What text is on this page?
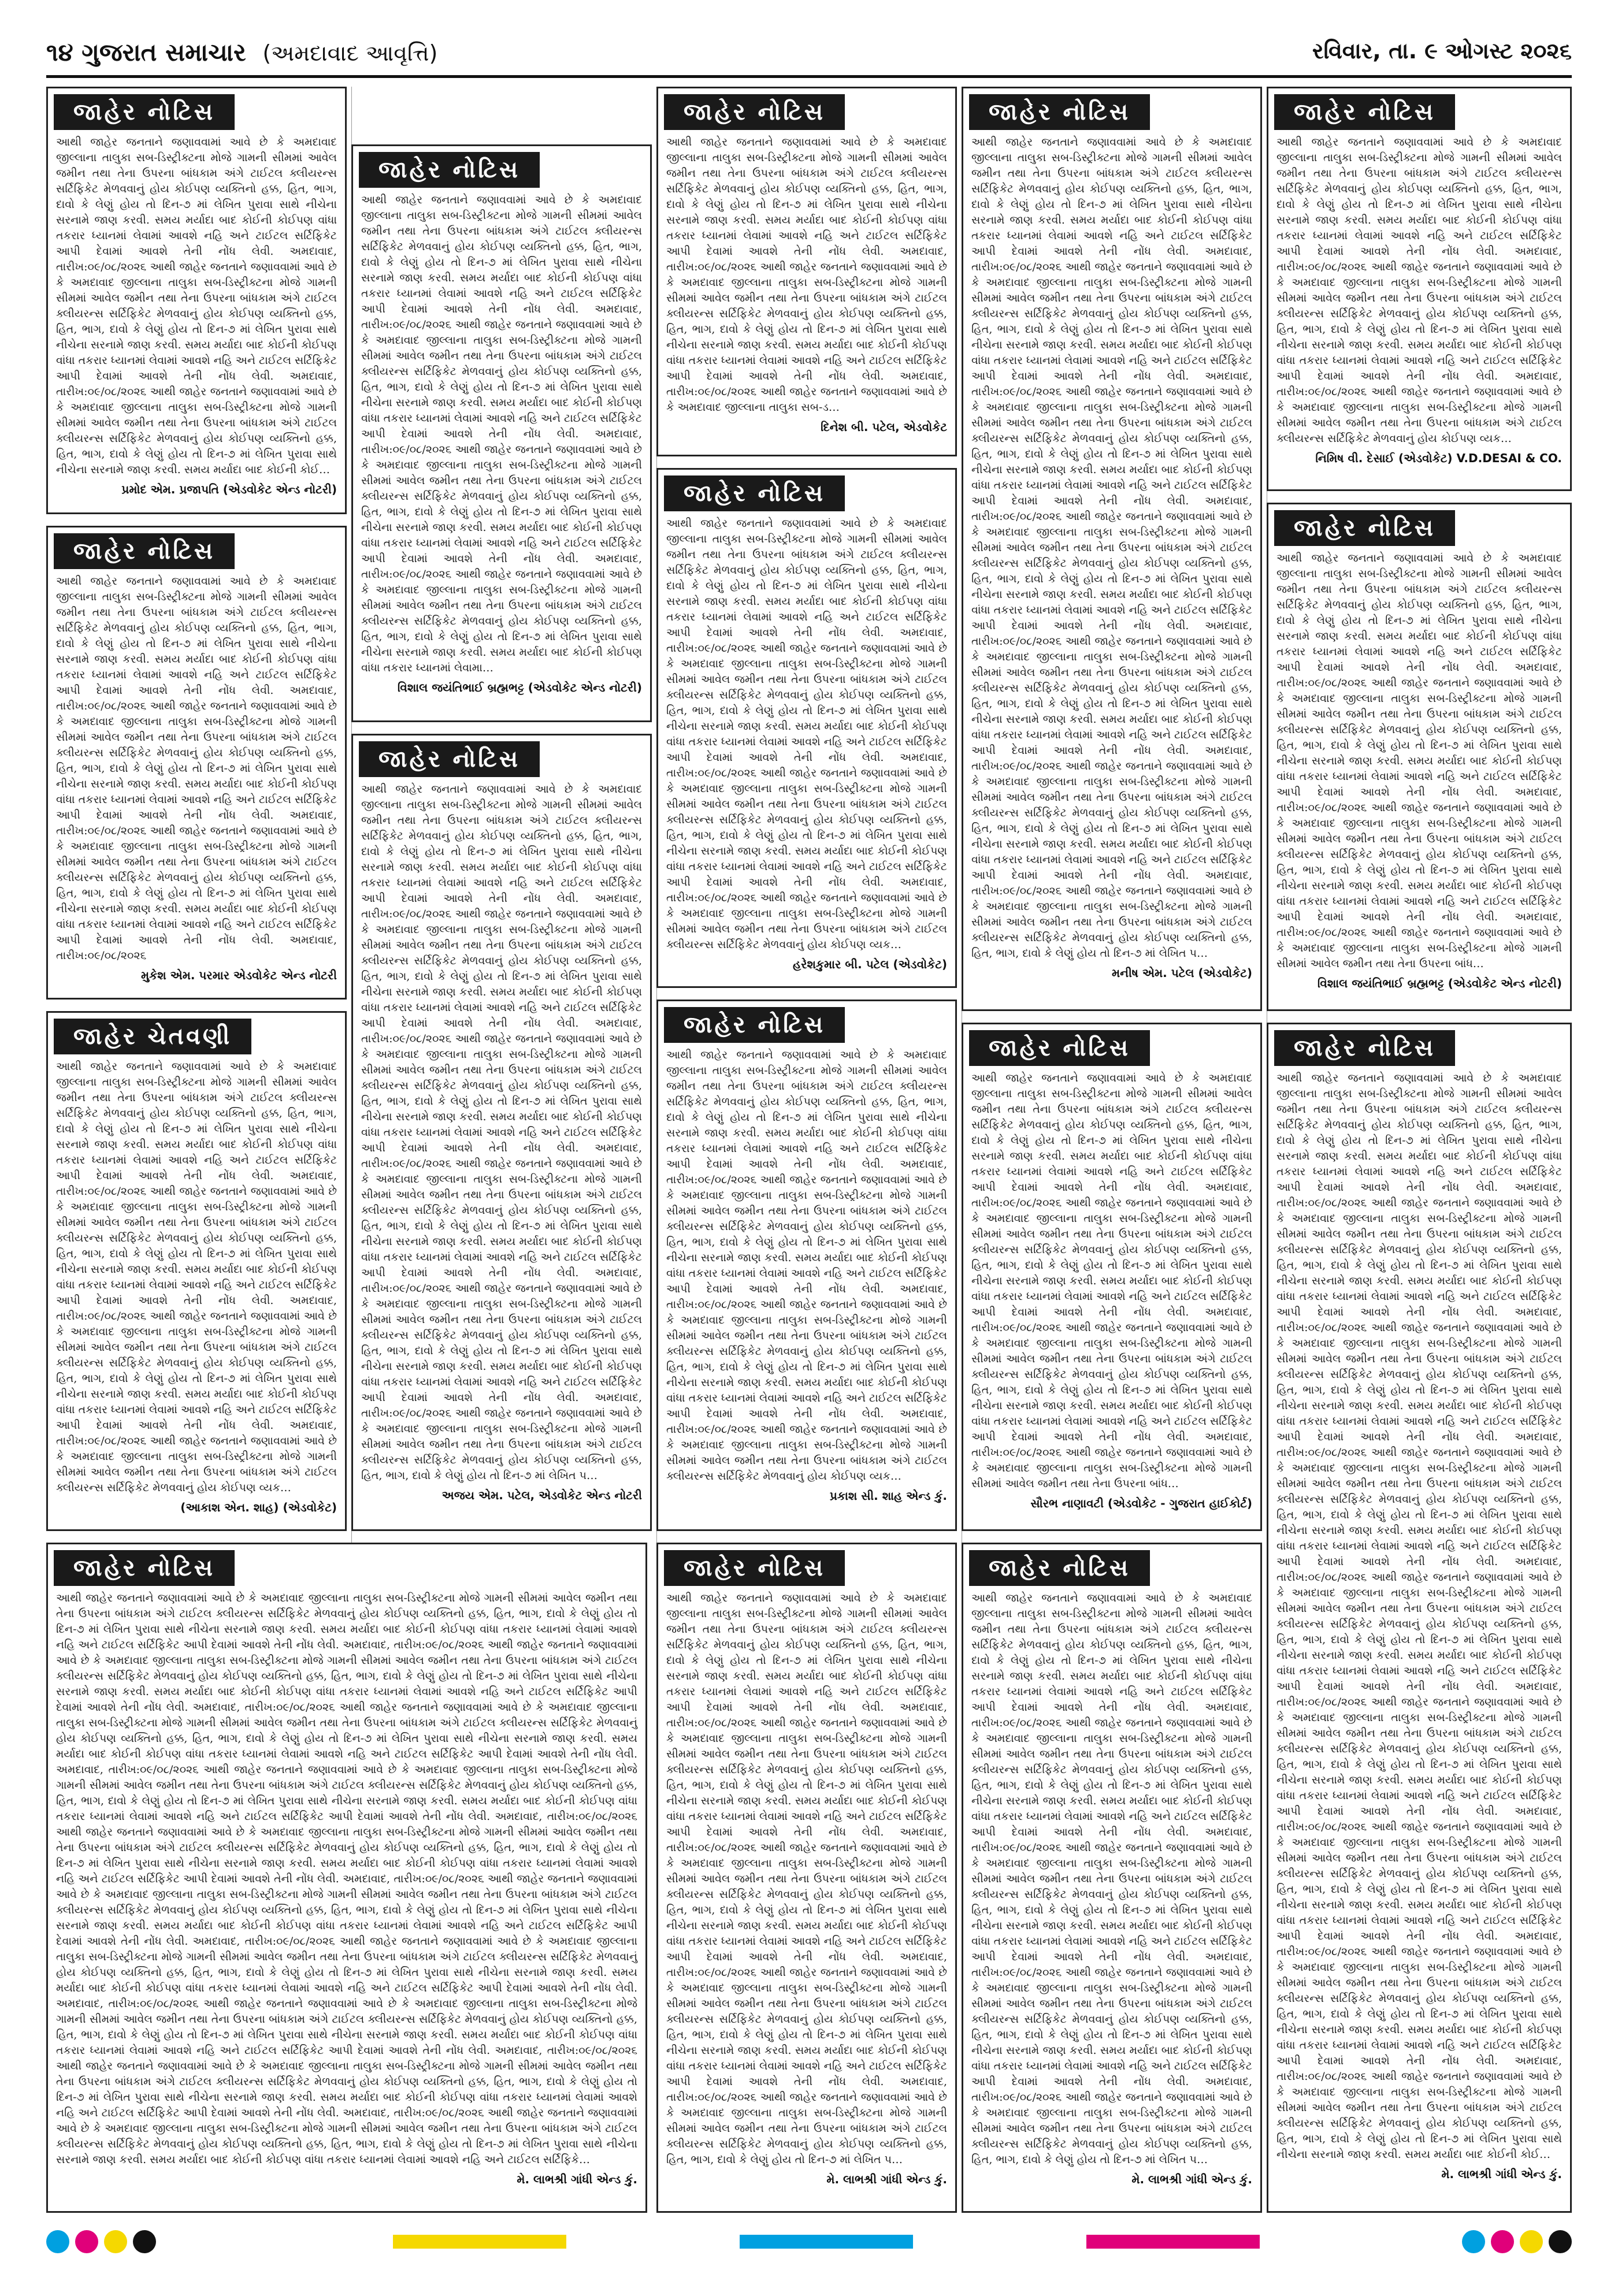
૧૪ ગુજરાત સમાચાર (અમદાવાદ આવૃત્તિ)	રવિવાર, તા. ૯ ઓગસ્ટ ૨૦૨૬
જાહેર નોટિસ
આથી જાહેર જનતાને જણાવવામાં આવે છે કે અમદાવાદ જીલ્લાના તાલુકા સબ-ડિસ્ટ્રીક્ટના મોજે ગામની સીમમાં આવેલ જમીન તથા તેના ઉપરના બાંધકામ અંગે ટાઈટલ ક્લીયરન્સ સર્ટિફિકેટ મેળવવાનું હોય કોઈપણ વ્યક્તિનો હક્ક, હિત, ભાગ, દાવો કે લેણું હોય તો દિન-૭ માં લેખિત પુરાવા સાથે નીચેના સરનામે જાણ કરવી. સમય મર્યાદા બાદ કોઈની કોઈપણ વાંધા તકરાર ધ્યાનમાં લેવામાં આવશે નહિ અને ટાઈટલ સર્ટિફિકેટ આપી દેવામાં આવશે તેની નોંધ લેવી. અમદાવાદ, તારીખ:૦૯/૦૮/૨૦૨૬ આથી જાહેર જનતાને જણાવવામાં આવે છે કે અમદાવાદ જીલ્લાના તાલુકા સબ-ડિસ્ટ્રીક્ટના મોજે ગામની સીમમાં આવેલ જમીન તથા તેના ઉપરના બાંધકામ અંગે ટાઈટલ ક્લીયરન્સ સર્ટિફિકેટ મેળવવાનું હોય કોઈપણ વ્યક્તિનો હક્ક, હિત, ભાગ, દાવો કે લેણું હોય તો દિન-૭ માં લેખિત પુરાવા સાથે નીચેના સરનામે જાણ કરવી. સમય મર્યાદા બાદ કોઈની કોઈપણ વાંધા તકરાર ધ્યાનમાં લેવામાં આવશે નહિ અને ટાઈટલ સર્ટિફિકેટ આપી દેવામાં આવશે તેની નોંધ લેવી. અમદાવાદ, તારીખ:૦૯/૦૮/૨૦૨૬ આથી જાહેર જનતાને જણાવવામાં આવે છે કે અમદાવાદ જીલ્લાના તાલુકા સબ-ડિસ્ટ્રીક્ટના મોજે ગામની સીમમાં આવેલ જમીન તથા તેના ઉપરના બાંધકામ અંગે ટાઈટલ ક્લીયરન્સ સર્ટિફિકેટ મેળવવાનું હોય કોઈપણ વ્યક્તિનો હક્ક, હિત, ભાગ, દાવો કે લેણું હોય તો દિન-૭ માં લેખિત પુરાવા સાથે નીચેના સરનામે જાણ કરવી. સમય મર્યાદા બાદ કોઈની કોઈ…
પ્રમોદ એમ. પ્રજાપતિ (એડવોકેટ એન્ડ નોટરી)
જાહેર નોટિસ
આથી જાહેર જનતાને જણાવવામાં આવે છે કે અમદાવાદ જીલ્લાના તાલુકા સબ-ડિસ્ટ્રીક્ટના મોજે ગામની સીમમાં આવેલ જમીન તથા તેના ઉપરના બાંધકામ અંગે ટાઈટલ ક્લીયરન્સ સર્ટિફિકેટ મેળવવાનું હોય કોઈપણ વ્યક્તિનો હક્ક, હિત, ભાગ, દાવો કે લેણું હોય તો દિન-૭ માં લેખિત પુરાવા સાથે નીચેના સરનામે જાણ કરવી. સમય મર્યાદા બાદ કોઈની કોઈપણ વાંધા તકરાર ધ્યાનમાં લેવામાં આવશે નહિ અને ટાઈટલ સર્ટિફિકેટ આપી દેવામાં આવશે તેની નોંધ લેવી. અમદાવાદ, તારીખ:૦૯/૦૮/૨૦૨૬ આથી જાહેર જનતાને જણાવવામાં આવે છે કે અમદાવાદ જીલ્લાના તાલુકા સબ-ડિસ્ટ્રીક્ટના મોજે ગામની સીમમાં આવેલ જમીન તથા તેના ઉપરના બાંધકામ અંગે ટાઈટલ ક્લીયરન્સ સર્ટિફિકેટ મેળવવાનું હોય કોઈપણ વ્યક્તિનો હક્ક, હિત, ભાગ, દાવો કે લેણું હોય તો દિન-૭ માં લેખિત પુરાવા સાથે નીચેના સરનામે જાણ કરવી. સમય મર્યાદા બાદ કોઈની કોઈપણ વાંધા તકરાર ધ્યાનમાં લેવામાં આવશે નહિ અને ટાઈટલ સર્ટિફિકેટ આપી દેવામાં આવશે તેની નોંધ લેવી. અમદાવાદ, તારીખ:૦૯/૦૮/૨૦૨૬ આથી જાહેર જનતાને જણાવવામાં આવે છે કે અમદાવાદ જીલ્લાના તાલુકા સબ-ડિસ્ટ્રીક્ટના મોજે ગામની સીમમાં આવેલ જમીન તથા તેના ઉપરના બાંધકામ અંગે ટાઈટલ ક્લીયરન્સ સર્ટિફિકેટ મેળવવાનું હોય કોઈપણ વ્યક્તિનો હક્ક, હિત, ભાગ, દાવો કે લેણું હોય તો દિન-૭ માં લેખિત પુરાવા સાથે નીચેના સરનામે જાણ કરવી. સમય મર્યાદા બાદ કોઈની કોઈપણ વાંધા તકરાર ધ્યાનમાં લેવામાં આવશે નહિ અને ટાઈટલ સર્ટિફિકેટ આપી દેવામાં આવશે તેની નોંધ લેવી. અમદાવાદ, તારીખ:૦૯/૦૮/૨૦૨૬
મુકેશ એમ. પરમાર એડવોકેટ એન્ડ નોટરી
જાહેર ચેતવણી
આથી જાહેર જનતાને જણાવવામાં આવે છે કે અમદાવાદ જીલ્લાના તાલુકા સબ-ડિસ્ટ્રીક્ટના મોજે ગામની સીમમાં આવેલ જમીન તથા તેના ઉપરના બાંધકામ અંગે ટાઈટલ ક્લીયરન્સ સર્ટિફિકેટ મેળવવાનું હોય કોઈપણ વ્યક્તિનો હક્ક, હિત, ભાગ, દાવો કે લેણું હોય તો દિન-૭ માં લેખિત પુરાવા સાથે નીચેના સરનામે જાણ કરવી. સમય મર્યાદા બાદ કોઈની કોઈપણ વાંધા તકરાર ધ્યાનમાં લેવામાં આવશે નહિ અને ટાઈટલ સર્ટિફિકેટ આપી દેવામાં આવશે તેની નોંધ લેવી. અમદાવાદ, તારીખ:૦૯/૦૮/૨૦૨૬ આથી જાહેર જનતાને જણાવવામાં આવે છે કે અમદાવાદ જીલ્લાના તાલુકા સબ-ડિસ્ટ્રીક્ટના મોજે ગામની સીમમાં આવેલ જમીન તથા તેના ઉપરના બાંધકામ અંગે ટાઈટલ ક્લીયરન્સ સર્ટિફિકેટ મેળવવાનું હોય કોઈપણ વ્યક્તિનો હક્ક, હિત, ભાગ, દાવો કે લેણું હોય તો દિન-૭ માં લેખિત પુરાવા સાથે નીચેના સરનામે જાણ કરવી. સમય મર્યાદા બાદ કોઈની કોઈપણ વાંધા તકરાર ધ્યાનમાં લેવામાં આવશે નહિ અને ટાઈટલ સર્ટિફિકેટ આપી દેવામાં આવશે તેની નોંધ લેવી. અમદાવાદ, તારીખ:૦૯/૦૮/૨૦૨૬ આથી જાહેર જનતાને જણાવવામાં આવે છે કે અમદાવાદ જીલ્લાના તાલુકા સબ-ડિસ્ટ્રીક્ટના મોજે ગામની સીમમાં આવેલ જમીન તથા તેના ઉપરના બાંધકામ અંગે ટાઈટલ ક્લીયરન્સ સર્ટિફિકેટ મેળવવાનું હોય કોઈપણ વ્યક્તિનો હક્ક, હિત, ભાગ, દાવો કે લેણું હોય તો દિન-૭ માં લેખિત પુરાવા સાથે નીચેના સરનામે જાણ કરવી. સમય મર્યાદા બાદ કોઈની કોઈપણ વાંધા તકરાર ધ્યાનમાં લેવામાં આવશે નહિ અને ટાઈટલ સર્ટિફિકેટ આપી દેવામાં આવશે તેની નોંધ લેવી. અમદાવાદ, તારીખ:૦૯/૦૮/૨૦૨૬ આથી જાહેર જનતાને જણાવવામાં આવે છે કે અમદાવાદ જીલ્લાના તાલુકા સબ-ડિસ્ટ્રીક્ટના મોજે ગામની સીમમાં આવેલ જમીન તથા તેના ઉપરના બાંધકામ અંગે ટાઈટલ ક્લીયરન્સ સર્ટિફિકેટ મેળવવાનું હોય કોઈપણ વ્યક…
(આકાશ એન. શાહ) (એડવોકેટ)
જાહેર નોટિસ
આથી જાહેર જનતાને જણાવવામાં આવે છે કે અમદાવાદ જીલ્લાના તાલુકા સબ-ડિસ્ટ્રીક્ટના મોજે ગામની સીમમાં આવેલ જમીન તથા તેના ઉપરના બાંધકામ અંગે ટાઈટલ ક્લીયરન્સ સર્ટિફિકેટ મેળવવાનું હોય કોઈપણ વ્યક્તિનો હક્ક, હિત, ભાગ, દાવો કે લેણું હોય તો દિન-૭ માં લેખિત પુરાવા સાથે નીચેના સરનામે જાણ કરવી. સમય મર્યાદા બાદ કોઈની કોઈપણ વાંધા તકરાર ધ્યાનમાં લેવામાં આવશે નહિ અને ટાઈટલ સર્ટિફિકેટ આપી દેવામાં આવશે તેની નોંધ લેવી. અમદાવાદ, તારીખ:૦૯/૦૮/૨૦૨૬ આથી જાહેર જનતાને જણાવવામાં આવે છે કે અમદાવાદ જીલ્લાના તાલુકા સબ-ડિસ્ટ્રીક્ટના મોજે ગામની સીમમાં આવેલ જમીન તથા તેના ઉપરના બાંધકામ અંગે ટાઈટલ ક્લીયરન્સ સર્ટિફિકેટ મેળવવાનું હોય કોઈપણ વ્યક્તિનો હક્ક, હિત, ભાગ, દાવો કે લેણું હોય તો દિન-૭ માં લેખિત પુરાવા સાથે નીચેના સરનામે જાણ કરવી. સમય મર્યાદા બાદ કોઈની કોઈપણ વાંધા તકરાર ધ્યાનમાં લેવામાં આવશે નહિ અને ટાઈટલ સર્ટિફિકેટ આપી દેવામાં આવશે તેની નોંધ લેવી. અમદાવાદ, તારીખ:૦૯/૦૮/૨૦૨૬ આથી જાહેર જનતાને જણાવવામાં આવે છે કે અમદાવાદ જીલ્લાના તાલુકા સબ-ડિસ્ટ્રીક્ટના મોજે ગામની સીમમાં આવેલ જમીન તથા તેના ઉપરના બાંધકામ અંગે ટાઈટલ ક્લીયરન્સ સર્ટિફિકેટ મેળવવાનું હોય કોઈપણ વ્યક્તિનો હક્ક, હિત, ભાગ, દાવો કે લેણું હોય તો દિન-૭ માં લેખિત પુરાવા સાથે નીચેના સરનામે જાણ કરવી. સમય મર્યાદા બાદ કોઈની કોઈપણ વાંધા તકરાર ધ્યાનમાં લેવામાં આવશે નહિ અને ટાઈટલ સર્ટિફિકેટ આપી દેવામાં આવશે તેની નોંધ લેવી. અમદાવાદ, તારીખ:૦૯/૦૮/૨૦૨૬ આથી જાહેર જનતાને જણાવવામાં આવે છે કે અમદાવાદ જીલ્લાના તાલુકા સબ-ડિસ્ટ્રીક્ટના મોજે ગામની સીમમાં આવેલ જમીન તથા તેના ઉપરના બાંધકામ અંગે ટાઈટલ ક્લીયરન્સ સર્ટિફિકેટ મેળવવાનું હોય કોઈપણ વ્યક્તિનો હક્ક, હિત, ભાગ, દાવો કે લેણું હોય તો દિન-૭ માં લેખિત પુરાવા સાથે નીચેના સરનામે જાણ કરવી. સમય મર્યાદા બાદ કોઈની કોઈપણ વાંધા તકરાર ધ્યાનમાં લેવામાં આવશે નહિ અને ટાઈટલ સર્ટિફિકેટ આપી દેવામાં આવશે તેની નોંધ લેવી. અમદાવાદ, તારીખ:૦૯/૦૮/૨૦૨૬ આથી જાહેર જનતાને જણાવવામાં આવે છે કે અમદાવાદ જીલ્લાના તાલુકા સબ-ડિસ્ટ્રીક્ટના મોજે ગામની સીમમાં આવેલ જમીન તથા તેના ઉપરના બાંધકામ અંગે ટાઈટલ ક્લીયરન્સ સર્ટિફિકેટ મેળવવાનું હોય કોઈપણ વ્યક્તિનો હક્ક, હિત, ભાગ, દાવો કે લેણું હોય તો દિન-૭ માં લેખિત પુરાવા સાથે નીચેના સરનામે જાણ કરવી. સમય મર્યાદા બાદ કોઈની કોઈપણ વાંધા તકરાર ધ્યાનમાં લેવામાં આવશે નહિ અને ટાઈટલ સર્ટિફિકેટ આપી દેવામાં આવશે તેની નોંધ લેવી. અમદાવાદ, તારીખ:૦૯/૦૮/૨૦૨૬ આથી જાહેર જનતાને જણાવવામાં આવે છે કે અમદાવાદ જીલ્લાના તાલુકા સબ-ડિસ્ટ્રીક્ટના મોજે ગામની સીમમાં આવેલ જમીન તથા તેના ઉપરના બાંધકામ અંગે ટાઈટલ ક્લીયરન્સ સર્ટિફિકેટ મેળવવાનું હોય કોઈપણ વ્યક્તિનો હક્ક, હિત, ભાગ, દાવો કે લેણું હોય તો દિન-૭ માં લેખિત પુરાવા સાથે નીચેના સરનામે જાણ કરવી. સમય મર્યાદા બાદ કોઈની કોઈપણ વાંધા તકરાર ધ્યાનમાં લેવામાં આવશે નહિ અને ટાઈટલ સર્ટિફિકેટ આપી દેવામાં આવશે તેની નોંધ લેવી. અમદાવાદ, તારીખ:૦૯/૦૮/૨૦૨૬ આથી જાહેર જનતાને જણાવવામાં આવે છે કે અમદાવાદ જીલ્લાના તાલુકા સબ-ડિસ્ટ્રીક્ટના મોજે ગામની સીમમાં આવેલ જમીન તથા તેના ઉપરના બાંધકામ અંગે ટાઈટલ ક્લીયરન્સ સર્ટિફિકેટ મેળવવાનું હોય કોઈપણ વ્યક્તિનો હક્ક, હિત, ભાગ, દાવો કે લેણું હોય તો દિન-૭ માં લેખિત પુરાવા સાથે નીચેના સરનામે જાણ કરવી. સમય મર્યાદા બાદ કોઈની કોઈપણ વાંધા તકરાર ધ્યાનમાં લેવામાં આવશે નહિ અને ટાઈટલ સર્ટિફિકેટ આપી દેવામાં આવશે તેની નોંધ લેવી. અમદાવાદ, તારીખ:૦૯/૦૮/૨૦૨૬ આથી જાહેર જનતાને જણાવવામાં આવે છે કે અમદાવાદ જીલ્લાના તાલુકા સબ-ડિસ્ટ્રીક્ટના મોજે ગામની સીમમાં આવેલ જમીન તથા તેના ઉપરના બાંધકામ અંગે ટાઈટલ ક્લીયરન્સ સર્ટિફિકેટ મેળવવાનું હોય કોઈપણ વ્યક્તિનો હક્ક, હિત, ભાગ, દાવો કે લેણું હોય તો દિન-૭ માં લેખિત પુરાવા સાથે નીચેના સરનામે જાણ કરવી. સમય મર્યાદા બાદ કોઈની કોઈપણ વાંધા તકરાર ધ્યાનમાં લેવામાં આવશે નહિ અને ટાઈટલ સર્ટિફિકેટ આપી દેવામાં આવશે તેની નોંધ લેવી. અમદાવાદ, તારીખ:૦૯/૦૮/૨૦૨૬ આથી જાહેર જનતાને જણાવવામાં આવે છે કે અમદાવાદ જીલ્લાના તાલુકા સબ-ડિસ્ટ્રીક્ટના મોજે ગામની સીમમાં આવેલ જમીન તથા તેના ઉપરના બાંધકામ અંગે ટાઈટલ ક્લીયરન્સ સર્ટિફિકેટ મેળવવાનું હોય કોઈપણ વ્યક્તિનો હક્ક, હિત, ભાગ, દાવો કે લેણું હોય તો દિન-૭ માં લેખિત પુરાવા સાથે નીચેના સરનામે જાણ કરવી. સમય મર્યાદા બાદ કોઈની કોઈપણ વાંધા તકરાર ધ્યાનમાં લેવામાં આવશે નહિ અને ટાઈટલ સર્ટિફિકેટ આપી દેવામાં આવશે તેની નોંધ લેવી. અમદાવાદ, તારીખ:૦૯/૦૮/૨૦૨૬ આથી જાહેર જનતાને જણાવવામાં આવે છે કે અમદાવાદ જીલ્લાના તાલુકા સબ-ડિસ્ટ્રીક્ટના મોજે ગામની સીમમાં આવેલ જમીન તથા તેના ઉપરના બાંધકામ અંગે ટાઈટલ ક્લીયરન્સ સર્ટિફિકેટ મેળવવાનું હોય કોઈપણ વ્યક્તિનો હક્ક, હિત, ભાગ, દાવો કે લેણું હોય તો દિન-૭ માં લેખિત પુરાવા સાથે નીચેના સરનામે જાણ કરવી. સમય મર્યાદા બાદ કોઈની કોઈપણ વાંધા તકરાર ધ્યાનમાં લેવામાં આવશે નહિ અને ટાઈટલ સર્ટિફિકે…
મે. લાભશ્રી ગાંધી એન્ડ કું.
જાહેર નોટિસ
આથી જાહેર જનતાને જણાવવામાં આવે છે કે અમદાવાદ જીલ્લાના તાલુકા સબ-ડિસ્ટ્રીક્ટના મોજે ગામની સીમમાં આવેલ જમીન તથા તેના ઉપરના બાંધકામ અંગે ટાઈટલ ક્લીયરન્સ સર્ટિફિકેટ મેળવવાનું હોય કોઈપણ વ્યક્તિનો હક્ક, હિત, ભાગ, દાવો કે લેણું હોય તો દિન-૭ માં લેખિત પુરાવા સાથે નીચેના સરનામે જાણ કરવી. સમય મર્યાદા બાદ કોઈની કોઈપણ વાંધા તકરાર ધ્યાનમાં લેવામાં આવશે નહિ અને ટાઈટલ સર્ટિફિકેટ આપી દેવામાં આવશે તેની નોંધ લેવી. અમદાવાદ, તારીખ:૦૯/૦૮/૨૦૨૬ આથી જાહેર જનતાને જણાવવામાં આવે છે કે અમદાવાદ જીલ્લાના તાલુકા સબ-ડિસ્ટ્રીક્ટના મોજે ગામની સીમમાં આવેલ જમીન તથા તેના ઉપરના બાંધકામ અંગે ટાઈટલ ક્લીયરન્સ સર્ટિફિકેટ મેળવવાનું હોય કોઈપણ વ્યક્તિનો હક્ક, હિત, ભાગ, દાવો કે લેણું હોય તો દિન-૭ માં લેખિત પુરાવા સાથે નીચેના સરનામે જાણ કરવી. સમય મર્યાદા બાદ કોઈની કોઈપણ વાંધા તકરાર ધ્યાનમાં લેવામાં આવશે નહિ અને ટાઈટલ સર્ટિફિકેટ આપી દેવામાં આવશે તેની નોંધ લેવી. અમદાવાદ, તારીખ:૦૯/૦૮/૨૦૨૬ આથી જાહેર જનતાને જણાવવામાં આવે છે કે અમદાવાદ જીલ્લાના તાલુકા સબ-ડિસ્ટ્રીક્ટના મોજે ગામની સીમમાં આવેલ જમીન તથા તેના ઉપરના બાંધકામ અંગે ટાઈટલ ક્લીયરન્સ સર્ટિફિકેટ મેળવવાનું હોય કોઈપણ વ્યક્તિનો હક્ક, હિત, ભાગ, દાવો કે લેણું હોય તો દિન-૭ માં લેખિત પુરાવા સાથે નીચેના સરનામે જાણ કરવી. સમય મર્યાદા બાદ કોઈની કોઈપણ વાંધા તકરાર ધ્યાનમાં લેવામાં આવશે નહિ અને ટાઈટલ સર્ટિફિકેટ આપી દેવામાં આવશે તેની નોંધ લેવી. અમદાવાદ, તારીખ:૦૯/૦૮/૨૦૨૬ આથી જાહેર જનતાને જણાવવામાં આવે છે કે અમદાવાદ જીલ્લાના તાલુકા સબ-ડિસ્ટ્રીક્ટના મોજે ગામની સીમમાં આવેલ જમીન તથા તેના ઉપરના બાંધકામ અંગે ટાઈટલ ક્લીયરન્સ સર્ટિફિકેટ મેળવવાનું હોય કોઈપણ વ્યક્તિનો હક્ક, હિત, ભાગ, દાવો કે લેણું હોય તો દિન-૭ માં લેખિત પુરાવા સાથે નીચેના સરનામે જાણ કરવી. સમય મર્યાદા બાદ કોઈની કોઈપણ વાંધા તકરાર ધ્યાનમાં લેવામા…
વિશાલ જયંતિભાઈ બ્રહ્મભટ્ટ (એડવોકેટ એન્ડ નોટરી)
જાહેર નોટિસ
આથી જાહેર જનતાને જણાવવામાં આવે છે કે અમદાવાદ જીલ્લાના તાલુકા સબ-ડિસ્ટ્રીક્ટના મોજે ગામની સીમમાં આવેલ જમીન તથા તેના ઉપરના બાંધકામ અંગે ટાઈટલ ક્લીયરન્સ સર્ટિફિકેટ મેળવવાનું હોય કોઈપણ વ્યક્તિનો હક્ક, હિત, ભાગ, દાવો કે લેણું હોય તો દિન-૭ માં લેખિત પુરાવા સાથે નીચેના સરનામે જાણ કરવી. સમય મર્યાદા બાદ કોઈની કોઈપણ વાંધા તકરાર ધ્યાનમાં લેવામાં આવશે નહિ અને ટાઈટલ સર્ટિફિકેટ આપી દેવામાં આવશે તેની નોંધ લેવી. અમદાવાદ, તારીખ:૦૯/૦૮/૨૦૨૬ આથી જાહેર જનતાને જણાવવામાં આવે છે કે અમદાવાદ જીલ્લાના તાલુકા સબ-ડિસ્ટ્રીક્ટના મોજે ગામની સીમમાં આવેલ જમીન તથા તેના ઉપરના બાંધકામ અંગે ટાઈટલ ક્લીયરન્સ સર્ટિફિકેટ મેળવવાનું હોય કોઈપણ વ્યક્તિનો હક્ક, હિત, ભાગ, દાવો કે લેણું હોય તો દિન-૭ માં લેખિત પુરાવા સાથે નીચેના સરનામે જાણ કરવી. સમય મર્યાદા બાદ કોઈની કોઈપણ વાંધા તકરાર ધ્યાનમાં લેવામાં આવશે નહિ અને ટાઈટલ સર્ટિફિકેટ આપી દેવામાં આવશે તેની નોંધ લેવી. અમદાવાદ, તારીખ:૦૯/૦૮/૨૦૨૬ આથી જાહેર જનતાને જણાવવામાં આવે છે કે અમદાવાદ જીલ્લાના તાલુકા સબ-ડિસ્ટ્રીક્ટના મોજે ગામની સીમમાં આવેલ જમીન તથા તેના ઉપરના બાંધકામ અંગે ટાઈટલ ક્લીયરન્સ સર્ટિફિકેટ મેળવવાનું હોય કોઈપણ વ્યક્તિનો હક્ક, હિત, ભાગ, દાવો કે લેણું હોય તો દિન-૭ માં લેખિત પુરાવા સાથે નીચેના સરનામે જાણ કરવી. સમય મર્યાદા બાદ કોઈની કોઈપણ વાંધા તકરાર ધ્યાનમાં લેવામાં આવશે નહિ અને ટાઈટલ સર્ટિફિકેટ આપી દેવામાં આવશે તેની નોંધ લેવી. અમદાવાદ, તારીખ:૦૯/૦૮/૨૦૨૬ આથી જાહેર જનતાને જણાવવામાં આવે છે કે અમદાવાદ જીલ્લાના તાલુકા સબ-ડિસ્ટ્રીક્ટના મોજે ગામની સીમમાં આવેલ જમીન તથા તેના ઉપરના બાંધકામ અંગે ટાઈટલ ક્લીયરન્સ સર્ટિફિકેટ મેળવવાનું હોય કોઈપણ વ્યક્તિનો હક્ક, હિત, ભાગ, દાવો કે લેણું હોય તો દિન-૭ માં લેખિત પુરાવા સાથે નીચેના સરનામે જાણ કરવી. સમય મર્યાદા બાદ કોઈની કોઈપણ વાંધા તકરાર ધ્યાનમાં લેવામાં આવશે નહિ અને ટાઈટલ સર્ટિફિકેટ આપી દેવામાં આવશે તેની નોંધ લેવી. અમદાવાદ, તારીખ:૦૯/૦૮/૨૦૨૬ આથી જાહેર જનતાને જણાવવામાં આવે છે કે અમદાવાદ જીલ્લાના તાલુકા સબ-ડિસ્ટ્રીક્ટના મોજે ગામની સીમમાં આવેલ જમીન તથા તેના ઉપરના બાંધકામ અંગે ટાઈટલ ક્લીયરન્સ સર્ટિફિકેટ મેળવવાનું હોય કોઈપણ વ્યક્તિનો હક્ક, હિત, ભાગ, દાવો કે લેણું હોય તો દિન-૭ માં લેખિત પુરાવા સાથે નીચેના સરનામે જાણ કરવી. સમય મર્યાદા બાદ કોઈની કોઈપણ વાંધા તકરાર ધ્યાનમાં લેવામાં આવશે નહિ અને ટાઈટલ સર્ટિફિકેટ આપી દેવામાં આવશે તેની નોંધ લેવી. અમદાવાદ, તારીખ:૦૯/૦૮/૨૦૨૬ આથી જાહેર જનતાને જણાવવામાં આવે છે કે અમદાવાદ જીલ્લાના તાલુકા સબ-ડિસ્ટ્રીક્ટના મોજે ગામની સીમમાં આવેલ જમીન તથા તેના ઉપરના બાંધકામ અંગે ટાઈટલ ક્લીયરન્સ સર્ટિફિકેટ મેળવવાનું હોય કોઈપણ વ્યક્તિનો હક્ક, હિત, ભાગ, દાવો કે લેણું હોય તો દિન-૭ માં લેખિત પ…
અજય એમ. પટેલ, એડવોકેટ એન્ડ નોટરી
જાહેર નોટિસ
આથી જાહેર જનતાને જણાવવામાં આવે છે કે અમદાવાદ જીલ્લાના તાલુકા સબ-ડિસ્ટ્રીક્ટના મોજે ગામની સીમમાં આવેલ જમીન તથા તેના ઉપરના બાંધકામ અંગે ટાઈટલ ક્લીયરન્સ સર્ટિફિકેટ મેળવવાનું હોય કોઈપણ વ્યક્તિનો હક્ક, હિત, ભાગ, દાવો કે લેણું હોય તો દિન-૭ માં લેખિત પુરાવા સાથે નીચેના સરનામે જાણ કરવી. સમય મર્યાદા બાદ કોઈની કોઈપણ વાંધા તકરાર ધ્યાનમાં લેવામાં આવશે નહિ અને ટાઈટલ સર્ટિફિકેટ આપી દેવામાં આવશે તેની નોંધ લેવી. અમદાવાદ, તારીખ:૦૯/૦૮/૨૦૨૬ આથી જાહેર જનતાને જણાવવામાં આવે છે કે અમદાવાદ જીલ્લાના તાલુકા સબ-ડિસ્ટ્રીક્ટના મોજે ગામની સીમમાં આવેલ જમીન તથા તેના ઉપરના બાંધકામ અંગે ટાઈટલ ક્લીયરન્સ સર્ટિફિકેટ મેળવવાનું હોય કોઈપણ વ્યક્તિનો હક્ક, હિત, ભાગ, દાવો કે લેણું હોય તો દિન-૭ માં લેખિત પુરાવા સાથે નીચેના સરનામે જાણ કરવી. સમય મર્યાદા બાદ કોઈની કોઈપણ વાંધા તકરાર ધ્યાનમાં લેવામાં આવશે નહિ અને ટાઈટલ સર્ટિફિકેટ આપી દેવામાં આવશે તેની નોંધ લેવી. અમદાવાદ, તારીખ:૦૯/૦૮/૨૦૨૬ આથી જાહેર જનતાને જણાવવામાં આવે છે કે અમદાવાદ જીલ્લાના તાલુકા સબ-ડ…
દિનેશ બી. પટેલ, એડવોકેટ
જાહેર નોટિસ
આથી જાહેર જનતાને જણાવવામાં આવે છે કે અમદાવાદ જીલ્લાના તાલુકા સબ-ડિસ્ટ્રીક્ટના મોજે ગામની સીમમાં આવેલ જમીન તથા તેના ઉપરના બાંધકામ અંગે ટાઈટલ ક્લીયરન્સ સર્ટિફિકેટ મેળવવાનું હોય કોઈપણ વ્યક્તિનો હક્ક, હિત, ભાગ, દાવો કે લેણું હોય તો દિન-૭ માં લેખિત પુરાવા સાથે નીચેના સરનામે જાણ કરવી. સમય મર્યાદા બાદ કોઈની કોઈપણ વાંધા તકરાર ધ્યાનમાં લેવામાં આવશે નહિ અને ટાઈટલ સર્ટિફિકેટ આપી દેવામાં આવશે તેની નોંધ લેવી. અમદાવાદ, તારીખ:૦૯/૦૮/૨૦૨૬ આથી જાહેર જનતાને જણાવવામાં આવે છે કે અમદાવાદ જીલ્લાના તાલુકા સબ-ડિસ્ટ્રીક્ટના મોજે ગામની સીમમાં આવેલ જમીન તથા તેના ઉપરના બાંધકામ અંગે ટાઈટલ ક્લીયરન્સ સર્ટિફિકેટ મેળવવાનું હોય કોઈપણ વ્યક્તિનો હક્ક, હિત, ભાગ, દાવો કે લેણું હોય તો દિન-૭ માં લેખિત પુરાવા સાથે નીચેના સરનામે જાણ કરવી. સમય મર્યાદા બાદ કોઈની કોઈપણ વાંધા તકરાર ધ્યાનમાં લેવામાં આવશે નહિ અને ટાઈટલ સર્ટિફિકેટ આપી દેવામાં આવશે તેની નોંધ લેવી. અમદાવાદ, તારીખ:૦૯/૦૮/૨૦૨૬ આથી જાહેર જનતાને જણાવવામાં આવે છે કે અમદાવાદ જીલ્લાના તાલુકા સબ-ડિસ્ટ્રીક્ટના મોજે ગામની સીમમાં આવેલ જમીન તથા તેના ઉપરના બાંધકામ અંગે ટાઈટલ ક્લીયરન્સ સર્ટિફિકેટ મેળવવાનું હોય કોઈપણ વ્યક્તિનો હક્ક, હિત, ભાગ, દાવો કે લેણું હોય તો દિન-૭ માં લેખિત પુરાવા સાથે નીચેના સરનામે જાણ કરવી. સમય મર્યાદા બાદ કોઈની કોઈપણ વાંધા તકરાર ધ્યાનમાં લેવામાં આવશે નહિ અને ટાઈટલ સર્ટિફિકેટ આપી દેવામાં આવશે તેની નોંધ લેવી. અમદાવાદ, તારીખ:૦૯/૦૮/૨૦૨૬ આથી જાહેર જનતાને જણાવવામાં આવે છે કે અમદાવાદ જીલ્લાના તાલુકા સબ-ડિસ્ટ્રીક્ટના મોજે ગામની સીમમાં આવેલ જમીન તથા તેના ઉપરના બાંધકામ અંગે ટાઈટલ ક્લીયરન્સ સર્ટિફિકેટ મેળવવાનું હોય કોઈપણ વ્યક…
હરેશકુમાર બી. પટેલ (એડવોકેટ)
જાહેર નોટિસ
આથી જાહેર જનતાને જણાવવામાં આવે છે કે અમદાવાદ જીલ્લાના તાલુકા સબ-ડિસ્ટ્રીક્ટના મોજે ગામની સીમમાં આવેલ જમીન તથા તેના ઉપરના બાંધકામ અંગે ટાઈટલ ક્લીયરન્સ સર્ટિફિકેટ મેળવવાનું હોય કોઈપણ વ્યક્તિનો હક્ક, હિત, ભાગ, દાવો કે લેણું હોય તો દિન-૭ માં લેખિત પુરાવા સાથે નીચેના સરનામે જાણ કરવી. સમય મર્યાદા બાદ કોઈની કોઈપણ વાંધા તકરાર ધ્યાનમાં લેવામાં આવશે નહિ અને ટાઈટલ સર્ટિફિકેટ આપી દેવામાં આવશે તેની નોંધ લેવી. અમદાવાદ, તારીખ:૦૯/૦૮/૨૦૨૬ આથી જાહેર જનતાને જણાવવામાં આવે છે કે અમદાવાદ જીલ્લાના તાલુકા સબ-ડિસ્ટ્રીક્ટના મોજે ગામની સીમમાં આવેલ જમીન તથા તેના ઉપરના બાંધકામ અંગે ટાઈટલ ક્લીયરન્સ સર્ટિફિકેટ મેળવવાનું હોય કોઈપણ વ્યક્તિનો હક્ક, હિત, ભાગ, દાવો કે લેણું હોય તો દિન-૭ માં લેખિત પુરાવા સાથે નીચેના સરનામે જાણ કરવી. સમય મર્યાદા બાદ કોઈની કોઈપણ વાંધા તકરાર ધ્યાનમાં લેવામાં આવશે નહિ અને ટાઈટલ સર્ટિફિકેટ આપી દેવામાં આવશે તેની નોંધ લેવી. અમદાવાદ, તારીખ:૦૯/૦૮/૨૦૨૬ આથી જાહેર જનતાને જણાવવામાં આવે છે કે અમદાવાદ જીલ્લાના તાલુકા સબ-ડિસ્ટ્રીક્ટના મોજે ગામની સીમમાં આવેલ જમીન તથા તેના ઉપરના બાંધકામ અંગે ટાઈટલ ક્લીયરન્સ સર્ટિફિકેટ મેળવવાનું હોય કોઈપણ વ્યક્તિનો હક્ક, હિત, ભાગ, દાવો કે લેણું હોય તો દિન-૭ માં લેખિત પુરાવા સાથે નીચેના સરનામે જાણ કરવી. સમય મર્યાદા બાદ કોઈની કોઈપણ વાંધા તકરાર ધ્યાનમાં લેવામાં આવશે નહિ અને ટાઈટલ સર્ટિફિકેટ આપી દેવામાં આવશે તેની નોંધ લેવી. અમદાવાદ, તારીખ:૦૯/૦૮/૨૦૨૬ આથી જાહેર જનતાને જણાવવામાં આવે છે કે અમદાવાદ જીલ્લાના તાલુકા સબ-ડિસ્ટ્રીક્ટના મોજે ગામની સીમમાં આવેલ જમીન તથા તેના ઉપરના બાંધકામ અંગે ટાઈટલ ક્લીયરન્સ સર્ટિફિકેટ મેળવવાનું હોય કોઈપણ વ્યક…
પ્રકાશ સી. શાહ એન્ડ કું.
જાહેર નોટિસ
આથી જાહેર જનતાને જણાવવામાં આવે છે કે અમદાવાદ જીલ્લાના તાલુકા સબ-ડિસ્ટ્રીક્ટના મોજે ગામની સીમમાં આવેલ જમીન તથા તેના ઉપરના બાંધકામ અંગે ટાઈટલ ક્લીયરન્સ સર્ટિફિકેટ મેળવવાનું હોય કોઈપણ વ્યક્તિનો હક્ક, હિત, ભાગ, દાવો કે લેણું હોય તો દિન-૭ માં લેખિત પુરાવા સાથે નીચેના સરનામે જાણ કરવી. સમય મર્યાદા બાદ કોઈની કોઈપણ વાંધા તકરાર ધ્યાનમાં લેવામાં આવશે નહિ અને ટાઈટલ સર્ટિફિકેટ આપી દેવામાં આવશે તેની નોંધ લેવી. અમદાવાદ, તારીખ:૦૯/૦૮/૨૦૨૬ આથી જાહેર જનતાને જણાવવામાં આવે છે કે અમદાવાદ જીલ્લાના તાલુકા સબ-ડિસ્ટ્રીક્ટના મોજે ગામની સીમમાં આવેલ જમીન તથા તેના ઉપરના બાંધકામ અંગે ટાઈટલ ક્લીયરન્સ સર્ટિફિકેટ મેળવવાનું હોય કોઈપણ વ્યક્તિનો હક્ક, હિત, ભાગ, દાવો કે લેણું હોય તો દિન-૭ માં લેખિત પુરાવા સાથે નીચેના સરનામે જાણ કરવી. સમય મર્યાદા બાદ કોઈની કોઈપણ વાંધા તકરાર ધ્યાનમાં લેવામાં આવશે નહિ અને ટાઈટલ સર્ટિફિકેટ આપી દેવામાં આવશે તેની નોંધ લેવી. અમદાવાદ, તારીખ:૦૯/૦૮/૨૦૨૬ આથી જાહેર જનતાને જણાવવામાં આવે છે કે અમદાવાદ જીલ્લાના તાલુકા સબ-ડિસ્ટ્રીક્ટના મોજે ગામની સીમમાં આવેલ જમીન તથા તેના ઉપરના બાંધકામ અંગે ટાઈટલ ક્લીયરન્સ સર્ટિફિકેટ મેળવવાનું હોય કોઈપણ વ્યક્તિનો હક્ક, હિત, ભાગ, દાવો કે લેણું હોય તો દિન-૭ માં લેખિત પુરાવા સાથે નીચેના સરનામે જાણ કરવી. સમય મર્યાદા બાદ કોઈની કોઈપણ વાંધા તકરાર ધ્યાનમાં લેવામાં આવશે નહિ અને ટાઈટલ સર્ટિફિકેટ આપી દેવામાં આવશે તેની નોંધ લેવી. અમદાવાદ, તારીખ:૦૯/૦૮/૨૦૨૬ આથી જાહેર જનતાને જણાવવામાં આવે છે કે અમદાવાદ જીલ્લાના તાલુકા સબ-ડિસ્ટ્રીક્ટના મોજે ગામની સીમમાં આવેલ જમીન તથા તેના ઉપરના બાંધકામ અંગે ટાઈટલ ક્લીયરન્સ સર્ટિફિકેટ મેળવવાનું હોય કોઈપણ વ્યક્તિનો હક્ક, હિત, ભાગ, દાવો કે લેણું હોય તો દિન-૭ માં લેખિત પુરાવા સાથે નીચેના સરનામે જાણ કરવી. સમય મર્યાદા બાદ કોઈની કોઈપણ વાંધા તકરાર ધ્યાનમાં લેવામાં આવશે નહિ અને ટાઈટલ સર્ટિફિકેટ આપી દેવામાં આવશે તેની નોંધ લેવી. અમદાવાદ, તારીખ:૦૯/૦૮/૨૦૨૬ આથી જાહેર જનતાને જણાવવામાં આવે છે કે અમદાવાદ જીલ્લાના તાલુકા સબ-ડિસ્ટ્રીક્ટના મોજે ગામની સીમમાં આવેલ જમીન તથા તેના ઉપરના બાંધકામ અંગે ટાઈટલ ક્લીયરન્સ સર્ટિફિકેટ મેળવવાનું હોય કોઈપણ વ્યક્તિનો હક્ક, હિત, ભાગ, દાવો કે લેણું હોય તો દિન-૭ માં લેખિત પ…
મે. લાભશ્રી ગાંધી એન્ડ કું.
જાહેર નોટિસ
આથી જાહેર જનતાને જણાવવામાં આવે છે કે અમદાવાદ જીલ્લાના તાલુકા સબ-ડિસ્ટ્રીક્ટના મોજે ગામની સીમમાં આવેલ જમીન તથા તેના ઉપરના બાંધકામ અંગે ટાઈટલ ક્લીયરન્સ સર્ટિફિકેટ મેળવવાનું હોય કોઈપણ વ્યક્તિનો હક્ક, હિત, ભાગ, દાવો કે લેણું હોય તો દિન-૭ માં લેખિત પુરાવા સાથે નીચેના સરનામે જાણ કરવી. સમય મર્યાદા બાદ કોઈની કોઈપણ વાંધા તકરાર ધ્યાનમાં લેવામાં આવશે નહિ અને ટાઈટલ સર્ટિફિકેટ આપી દેવામાં આવશે તેની નોંધ લેવી. અમદાવાદ, તારીખ:૦૯/૦૮/૨૦૨૬ આથી જાહેર જનતાને જણાવવામાં આવે છે કે અમદાવાદ જીલ્લાના તાલુકા સબ-ડિસ્ટ્રીક્ટના મોજે ગામની સીમમાં આવેલ જમીન તથા તેના ઉપરના બાંધકામ અંગે ટાઈટલ ક્લીયરન્સ સર્ટિફિકેટ મેળવવાનું હોય કોઈપણ વ્યક્તિનો હક્ક, હિત, ભાગ, દાવો કે લેણું હોય તો દિન-૭ માં લેખિત પુરાવા સાથે નીચેના સરનામે જાણ કરવી. સમય મર્યાદા બાદ કોઈની કોઈપણ વાંધા તકરાર ધ્યાનમાં લેવામાં આવશે નહિ અને ટાઈટલ સર્ટિફિકેટ આપી દેવામાં આવશે તેની નોંધ લેવી. અમદાવાદ, તારીખ:૦૯/૦૮/૨૦૨૬ આથી જાહેર જનતાને જણાવવામાં આવે છે કે અમદાવાદ જીલ્લાના તાલુકા સબ-ડિસ્ટ્રીક્ટના મોજે ગામની સીમમાં આવેલ જમીન તથા તેના ઉપરના બાંધકામ અંગે ટાઈટલ ક્લીયરન્સ સર્ટિફિકેટ મેળવવાનું હોય કોઈપણ વ્યક્તિનો હક્ક, હિત, ભાગ, દાવો કે લેણું હોય તો દિન-૭ માં લેખિત પુરાવા સાથે નીચેના સરનામે જાણ કરવી. સમય મર્યાદા બાદ કોઈની કોઈપણ વાંધા તકરાર ધ્યાનમાં લેવામાં આવશે નહિ અને ટાઈટલ સર્ટિફિકેટ આપી દેવામાં આવશે તેની નોંધ લેવી. અમદાવાદ, તારીખ:૦૯/૦૮/૨૦૨૬ આથી જાહેર જનતાને જણાવવામાં આવે છે કે અમદાવાદ જીલ્લાના તાલુકા સબ-ડિસ્ટ્રીક્ટના મોજે ગામની સીમમાં આવેલ જમીન તથા તેના ઉપરના બાંધકામ અંગે ટાઈટલ ક્લીયરન્સ સર્ટિફિકેટ મેળવવાનું હોય કોઈપણ વ્યક્તિનો હક્ક, હિત, ભાગ, દાવો કે લેણું હોય તો દિન-૭ માં લેખિત પુરાવા સાથે નીચેના સરનામે જાણ કરવી. સમય મર્યાદા બાદ કોઈની કોઈપણ વાંધા તકરાર ધ્યાનમાં લેવામાં આવશે નહિ અને ટાઈટલ સર્ટિફિકેટ આપી દેવામાં આવશે તેની નોંધ લેવી. અમદાવાદ, તારીખ:૦૯/૦૮/૨૦૨૬ આથી જાહેર જનતાને જણાવવામાં આવે છે કે અમદાવાદ જીલ્લાના તાલુકા સબ-ડિસ્ટ્રીક્ટના મોજે ગામની સીમમાં આવેલ જમીન તથા તેના ઉપરના બાંધકામ અંગે ટાઈટલ ક્લીયરન્સ સર્ટિફિકેટ મેળવવાનું હોય કોઈપણ વ્યક્તિનો હક્ક, હિત, ભાગ, દાવો કે લેણું હોય તો દિન-૭ માં લેખિત પુરાવા સાથે નીચેના સરનામે જાણ કરવી. સમય મર્યાદા બાદ કોઈની કોઈપણ વાંધા તકરાર ધ્યાનમાં લેવામાં આવશે નહિ અને ટાઈટલ સર્ટિફિકેટ આપી દેવામાં આવશે તેની નોંધ લેવી. અમદાવાદ, તારીખ:૦૯/૦૮/૨૦૨૬ આથી જાહેર જનતાને જણાવવામાં આવે છે કે અમદાવાદ જીલ્લાના તાલુકા સબ-ડિસ્ટ્રીક્ટના મોજે ગામની સીમમાં આવેલ જમીન તથા તેના ઉપરના બાંધકામ અંગે ટાઈટલ ક્લીયરન્સ સર્ટિફિકેટ મેળવવાનું હોય કોઈપણ વ્યક્તિનો હક્ક, હિત, ભાગ, દાવો કે લેણું હોય તો દિન-૭ માં લેખિત પુરાવા સાથે નીચેના સરનામે જાણ કરવી. સમય મર્યાદા બાદ કોઈની કોઈપણ વાંધા તકરાર ધ્યાનમાં લેવામાં આવશે નહિ અને ટાઈટલ સર્ટિફિકેટ આપી દેવામાં આવશે તેની નોંધ લેવી. અમદાવાદ, તારીખ:૦૯/૦૮/૨૦૨૬ આથી જાહેર જનતાને જણાવવામાં આવે છે કે અમદાવાદ જીલ્લાના તાલુકા સબ-ડિસ્ટ્રીક્ટના મોજે ગામની સીમમાં આવેલ જમીન તથા તેના ઉપરના બાંધકામ અંગે ટાઈટલ ક્લીયરન્સ સર્ટિફિકેટ મેળવવાનું હોય કોઈપણ વ્યક્તિનો હક્ક, હિત, ભાગ, દાવો કે લેણું હોય તો દિન-૭ માં લેખિત પ…
મનીષ એમ. પટેલ (એડવોકેટ)
જાહેર નોટિસ
આથી જાહેર જનતાને જણાવવામાં આવે છે કે અમદાવાદ જીલ્લાના તાલુકા સબ-ડિસ્ટ્રીક્ટના મોજે ગામની સીમમાં આવેલ જમીન તથા તેના ઉપરના બાંધકામ અંગે ટાઈટલ ક્લીયરન્સ સર્ટિફિકેટ મેળવવાનું હોય કોઈપણ વ્યક્તિનો હક્ક, હિત, ભાગ, દાવો કે લેણું હોય તો દિન-૭ માં લેખિત પુરાવા સાથે નીચેના સરનામે જાણ કરવી. સમય મર્યાદા બાદ કોઈની કોઈપણ વાંધા તકરાર ધ્યાનમાં લેવામાં આવશે નહિ અને ટાઈટલ સર્ટિફિકેટ આપી દેવામાં આવશે તેની નોંધ લેવી. અમદાવાદ, તારીખ:૦૯/૦૮/૨૦૨૬ આથી જાહેર જનતાને જણાવવામાં આવે છે કે અમદાવાદ જીલ્લાના તાલુકા સબ-ડિસ્ટ્રીક્ટના મોજે ગામની સીમમાં આવેલ જમીન તથા તેના ઉપરના બાંધકામ અંગે ટાઈટલ ક્લીયરન્સ સર્ટિફિકેટ મેળવવાનું હોય કોઈપણ વ્યક્તિનો હક્ક, હિત, ભાગ, દાવો કે લેણું હોય તો દિન-૭ માં લેખિત પુરાવા સાથે નીચેના સરનામે જાણ કરવી. સમય મર્યાદા બાદ કોઈની કોઈપણ વાંધા તકરાર ધ્યાનમાં લેવામાં આવશે નહિ અને ટાઈટલ સર્ટિફિકેટ આપી દેવામાં આવશે તેની નોંધ લેવી. અમદાવાદ, તારીખ:૦૯/૦૮/૨૦૨૬ આથી જાહેર જનતાને જણાવવામાં આવે છે કે અમદાવાદ જીલ્લાના તાલુકા સબ-ડિસ્ટ્રીક્ટના મોજે ગામની સીમમાં આવેલ જમીન તથા તેના ઉપરના બાંધકામ અંગે ટાઈટલ ક્લીયરન્સ સર્ટિફિકેટ મેળવવાનું હોય કોઈપણ વ્યક્તિનો હક્ક, હિત, ભાગ, દાવો કે લેણું હોય તો દિન-૭ માં લેખિત પુરાવા સાથે નીચેના સરનામે જાણ કરવી. સમય મર્યાદા બાદ કોઈની કોઈપણ વાંધા તકરાર ધ્યાનમાં લેવામાં આવશે નહિ અને ટાઈટલ સર્ટિફિકેટ આપી દેવામાં આવશે તેની નોંધ લેવી. અમદાવાદ, તારીખ:૦૯/૦૮/૨૦૨૬ આથી જાહેર જનતાને જણાવવામાં આવે છે કે અમદાવાદ જીલ્લાના તાલુકા સબ-ડિસ્ટ્રીક્ટના મોજે ગામની સીમમાં આવેલ જમીન તથા તેના ઉપરના બાંધ…
સૌરભ નાણાવટી (એડવોકેટ - ગુજરાત હાઈકોર્ટ)
જાહેર નોટિસ
આથી જાહેર જનતાને જણાવવામાં આવે છે કે અમદાવાદ જીલ્લાના તાલુકા સબ-ડિસ્ટ્રીક્ટના મોજે ગામની સીમમાં આવેલ જમીન તથા તેના ઉપરના બાંધકામ અંગે ટાઈટલ ક્લીયરન્સ સર્ટિફિકેટ મેળવવાનું હોય કોઈપણ વ્યક્તિનો હક્ક, હિત, ભાગ, દાવો કે લેણું હોય તો દિન-૭ માં લેખિત પુરાવા સાથે નીચેના સરનામે જાણ કરવી. સમય મર્યાદા બાદ કોઈની કોઈપણ વાંધા તકરાર ધ્યાનમાં લેવામાં આવશે નહિ અને ટાઈટલ સર્ટિફિકેટ આપી દેવામાં આવશે તેની નોંધ લેવી. અમદાવાદ, તારીખ:૦૯/૦૮/૨૦૨૬ આથી જાહેર જનતાને જણાવવામાં આવે છે કે અમદાવાદ જીલ્લાના તાલુકા સબ-ડિસ્ટ્રીક્ટના મોજે ગામની સીમમાં આવેલ જમીન તથા તેના ઉપરના બાંધકામ અંગે ટાઈટલ ક્લીયરન્સ સર્ટિફિકેટ મેળવવાનું હોય કોઈપણ વ્યક્તિનો હક્ક, હિત, ભાગ, દાવો કે લેણું હોય તો દિન-૭ માં લેખિત પુરાવા સાથે નીચેના સરનામે જાણ કરવી. સમય મર્યાદા બાદ કોઈની કોઈપણ વાંધા તકરાર ધ્યાનમાં લેવામાં આવશે નહિ અને ટાઈટલ સર્ટિફિકેટ આપી દેવામાં આવશે તેની નોંધ લેવી. અમદાવાદ, તારીખ:૦૯/૦૮/૨૦૨૬ આથી જાહેર જનતાને જણાવવામાં આવે છે કે અમદાવાદ જીલ્લાના તાલુકા સબ-ડિસ્ટ્રીક્ટના મોજે ગામની સીમમાં આવેલ જમીન તથા તેના ઉપરના બાંધકામ અંગે ટાઈટલ ક્લીયરન્સ સર્ટિફિકેટ મેળવવાનું હોય કોઈપણ વ્યક્તિનો હક્ક, હિત, ભાગ, દાવો કે લેણું હોય તો દિન-૭ માં લેખિત પુરાવા સાથે નીચેના સરનામે જાણ કરવી. સમય મર્યાદા બાદ કોઈની કોઈપણ વાંધા તકરાર ધ્યાનમાં લેવામાં આવશે નહિ અને ટાઈટલ સર્ટિફિકેટ આપી દેવામાં આવશે તેની નોંધ લેવી. અમદાવાદ, તારીખ:૦૯/૦૮/૨૦૨૬ આથી જાહેર જનતાને જણાવવામાં આવે છે કે અમદાવાદ જીલ્લાના તાલુકા સબ-ડિસ્ટ્રીક્ટના મોજે ગામની સીમમાં આવેલ જમીન તથા તેના ઉપરના બાંધકામ અંગે ટાઈટલ ક્લીયરન્સ સર્ટિફિકેટ મેળવવાનું હોય કોઈપણ વ્યક્તિનો હક્ક, હિત, ભાગ, દાવો કે લેણું હોય તો દિન-૭ માં લેખિત પુરાવા સાથે નીચેના સરનામે જાણ કરવી. સમય મર્યાદા બાદ કોઈની કોઈપણ વાંધા તકરાર ધ્યાનમાં લેવામાં આવશે નહિ અને ટાઈટલ સર્ટિફિકેટ આપી દેવામાં આવશે તેની નોંધ લેવી. અમદાવાદ, તારીખ:૦૯/૦૮/૨૦૨૬ આથી જાહેર જનતાને જણાવવામાં આવે છે કે અમદાવાદ જીલ્લાના તાલુકા સબ-ડિસ્ટ્રીક્ટના મોજે ગામની સીમમાં આવેલ જમીન તથા તેના ઉપરના બાંધકામ અંગે ટાઈટલ ક્લીયરન્સ સર્ટિફિકેટ મેળવવાનું હોય કોઈપણ વ્યક્તિનો હક્ક, હિત, ભાગ, દાવો કે લેણું હોય તો દિન-૭ માં લેખિત પ…
મે. લાભશ્રી ગાંધી એન્ડ કું.
જાહેર નોટિસ
આથી જાહેર જનતાને જણાવવામાં આવે છે કે અમદાવાદ જીલ્લાના તાલુકા સબ-ડિસ્ટ્રીક્ટના મોજે ગામની સીમમાં આવેલ જમીન તથા તેના ઉપરના બાંધકામ અંગે ટાઈટલ ક્લીયરન્સ સર્ટિફિકેટ મેળવવાનું હોય કોઈપણ વ્યક્તિનો હક્ક, હિત, ભાગ, દાવો કે લેણું હોય તો દિન-૭ માં લેખિત પુરાવા સાથે નીચેના સરનામે જાણ કરવી. સમય મર્યાદા બાદ કોઈની કોઈપણ વાંધા તકરાર ધ્યાનમાં લેવામાં આવશે નહિ અને ટાઈટલ સર્ટિફિકેટ આપી દેવામાં આવશે તેની નોંધ લેવી. અમદાવાદ, તારીખ:૦૯/૦૮/૨૦૨૬ આથી જાહેર જનતાને જણાવવામાં આવે છે કે અમદાવાદ જીલ્લાના તાલુકા સબ-ડિસ્ટ્રીક્ટના મોજે ગામની સીમમાં આવેલ જમીન તથા તેના ઉપરના બાંધકામ અંગે ટાઈટલ ક્લીયરન્સ સર્ટિફિકેટ મેળવવાનું હોય કોઈપણ વ્યક્તિનો હક્ક, હિત, ભાગ, દાવો કે લેણું હોય તો દિન-૭ માં લેખિત પુરાવા સાથે નીચેના સરનામે જાણ કરવી. સમય મર્યાદા બાદ કોઈની કોઈપણ વાંધા તકરાર ધ્યાનમાં લેવામાં આવશે નહિ અને ટાઈટલ સર્ટિફિકેટ આપી દેવામાં આવશે તેની નોંધ લેવી. અમદાવાદ, તારીખ:૦૯/૦૮/૨૦૨૬ આથી જાહેર જનતાને જણાવવામાં આવે છે કે અમદાવાદ જીલ્લાના તાલુકા સબ-ડિસ્ટ્રીક્ટના મોજે ગામની સીમમાં આવેલ જમીન તથા તેના ઉપરના બાંધકામ અંગે ટાઈટલ ક્લીયરન્સ સર્ટિફિકેટ મેળવવાનું હોય કોઈપણ વ્યક…
નિમિષ વી. દેસાઈ (એડવોકેટ) V.D.DESAI & CO.
જાહેર નોટિસ
આથી જાહેર જનતાને જણાવવામાં આવે છે કે અમદાવાદ જીલ્લાના તાલુકા સબ-ડિસ્ટ્રીક્ટના મોજે ગામની સીમમાં આવેલ જમીન તથા તેના ઉપરના બાંધકામ અંગે ટાઈટલ ક્લીયરન્સ સર્ટિફિકેટ મેળવવાનું હોય કોઈપણ વ્યક્તિનો હક્ક, હિત, ભાગ, દાવો કે લેણું હોય તો દિન-૭ માં લેખિત પુરાવા સાથે નીચેના સરનામે જાણ કરવી. સમય મર્યાદા બાદ કોઈની કોઈપણ વાંધા તકરાર ધ્યાનમાં લેવામાં આવશે નહિ અને ટાઈટલ સર્ટિફિકેટ આપી દેવામાં આવશે તેની નોંધ લેવી. અમદાવાદ, તારીખ:૦૯/૦૮/૨૦૨૬ આથી જાહેર જનતાને જણાવવામાં આવે છે કે અમદાવાદ જીલ્લાના તાલુકા સબ-ડિસ્ટ્રીક્ટના મોજે ગામની સીમમાં આવેલ જમીન તથા તેના ઉપરના બાંધકામ અંગે ટાઈટલ ક્લીયરન્સ સર્ટિફિકેટ મેળવવાનું હોય કોઈપણ વ્યક્તિનો હક્ક, હિત, ભાગ, દાવો કે લેણું હોય તો દિન-૭ માં લેખિત પુરાવા સાથે નીચેના સરનામે જાણ કરવી. સમય મર્યાદા બાદ કોઈની કોઈપણ વાંધા તકરાર ધ્યાનમાં લેવામાં આવશે નહિ અને ટાઈટલ સર્ટિફિકેટ આપી દેવામાં આવશે તેની નોંધ લેવી. અમદાવાદ, તારીખ:૦૯/૦૮/૨૦૨૬ આથી જાહેર જનતાને જણાવવામાં આવે છે કે અમદાવાદ જીલ્લાના તાલુકા સબ-ડિસ્ટ્રીક્ટના મોજે ગામની સીમમાં આવેલ જમીન તથા તેના ઉપરના બાંધકામ અંગે ટાઈટલ ક્લીયરન્સ સર્ટિફિકેટ મેળવવાનું હોય કોઈપણ વ્યક્તિનો હક્ક, હિત, ભાગ, દાવો કે લેણું હોય તો દિન-૭ માં લેખિત પુરાવા સાથે નીચેના સરનામે જાણ કરવી. સમય મર્યાદા બાદ કોઈની કોઈપણ વાંધા તકરાર ધ્યાનમાં લેવામાં આવશે નહિ અને ટાઈટલ સર્ટિફિકેટ આપી દેવામાં આવશે તેની નોંધ લેવી. અમદાવાદ, તારીખ:૦૯/૦૮/૨૦૨૬ આથી જાહેર જનતાને જણાવવામાં આવે છે કે અમદાવાદ જીલ્લાના તાલુકા સબ-ડિસ્ટ્રીક્ટના મોજે ગામની સીમમાં આવેલ જમીન તથા તેના ઉપરના બાંધ…
વિશાલ જયંતિભાઈ બ્રહ્મભટ્ટ (એડવોકેટ એન્ડ નોટરી)
જાહેર નોટિસ
આથી જાહેર જનતાને જણાવવામાં આવે છે કે અમદાવાદ જીલ્લાના તાલુકા સબ-ડિસ્ટ્રીક્ટના મોજે ગામની સીમમાં આવેલ જમીન તથા તેના ઉપરના બાંધકામ અંગે ટાઈટલ ક્લીયરન્સ સર્ટિફિકેટ મેળવવાનું હોય કોઈપણ વ્યક્તિનો હક્ક, હિત, ભાગ, દાવો કે લેણું હોય તો દિન-૭ માં લેખિત પુરાવા સાથે નીચેના સરનામે જાણ કરવી. સમય મર્યાદા બાદ કોઈની કોઈપણ વાંધા તકરાર ધ્યાનમાં લેવામાં આવશે નહિ અને ટાઈટલ સર્ટિફિકેટ આપી દેવામાં આવશે તેની નોંધ લેવી. અમદાવાદ, તારીખ:૦૯/૦૮/૨૦૨૬ આથી જાહેર જનતાને જણાવવામાં આવે છે કે અમદાવાદ જીલ્લાના તાલુકા સબ-ડિસ્ટ્રીક્ટના મોજે ગામની સીમમાં આવેલ જમીન તથા તેના ઉપરના બાંધકામ અંગે ટાઈટલ ક્લીયરન્સ સર્ટિફિકેટ મેળવવાનું હોય કોઈપણ વ્યક્તિનો હક્ક, હિત, ભાગ, દાવો કે લેણું હોય તો દિન-૭ માં લેખિત પુરાવા સાથે નીચેના સરનામે જાણ કરવી. સમય મર્યાદા બાદ કોઈની કોઈપણ વાંધા તકરાર ધ્યાનમાં લેવામાં આવશે નહિ અને ટાઈટલ સર્ટિફિકેટ આપી દેવામાં આવશે તેની નોંધ લેવી. અમદાવાદ, તારીખ:૦૯/૦૮/૨૦૨૬ આથી જાહેર જનતાને જણાવવામાં આવે છે કે અમદાવાદ જીલ્લાના તાલુકા સબ-ડિસ્ટ્રીક્ટના મોજે ગામની સીમમાં આવેલ જમીન તથા તેના ઉપરના બાંધકામ અંગે ટાઈટલ ક્લીયરન્સ સર્ટિફિકેટ મેળવવાનું હોય કોઈપણ વ્યક્તિનો હક્ક, હિત, ભાગ, દાવો કે લેણું હોય તો દિન-૭ માં લેખિત પુરાવા સાથે નીચેના સરનામે જાણ કરવી. સમય મર્યાદા બાદ કોઈની કોઈપણ વાંધા તકરાર ધ્યાનમાં લેવામાં આવશે નહિ અને ટાઈટલ સર્ટિફિકેટ આપી દેવામાં આવશે તેની નોંધ લેવી. અમદાવાદ, તારીખ:૦૯/૦૮/૨૦૨૬ આથી જાહેર જનતાને જણાવવામાં આવે છે કે અમદાવાદ જીલ્લાના તાલુકા સબ-ડિસ્ટ્રીક્ટના મોજે ગામની સીમમાં આવેલ જમીન તથા તેના ઉપરના બાંધકામ અંગે ટાઈટલ ક્લીયરન્સ સર્ટિફિકેટ મેળવવાનું હોય કોઈપણ વ્યક્તિનો હક્ક, હિત, ભાગ, દાવો કે લેણું હોય તો દિન-૭ માં લેખિત પુરાવા સાથે નીચેના સરનામે જાણ કરવી. સમય મર્યાદા બાદ કોઈની કોઈપણ વાંધા તકરાર ધ્યાનમાં લેવામાં આવશે નહિ અને ટાઈટલ સર્ટિફિકેટ આપી દેવામાં આવશે તેની નોંધ લેવી. અમદાવાદ, તારીખ:૦૯/૦૮/૨૦૨૬ આથી જાહેર જનતાને જણાવવામાં આવે છે કે અમદાવાદ જીલ્લાના તાલુકા સબ-ડિસ્ટ્રીક્ટના મોજે ગામની સીમમાં આવેલ જમીન તથા તેના ઉપરના બાંધકામ અંગે ટાઈટલ ક્લીયરન્સ સર્ટિફિકેટ મેળવવાનું હોય કોઈપણ વ્યક્તિનો હક્ક, હિત, ભાગ, દાવો કે લેણું હોય તો દિન-૭ માં લેખિત પુરાવા સાથે નીચેના સરનામે જાણ કરવી. સમય મર્યાદા બાદ કોઈની કોઈપણ વાંધા તકરાર ધ્યાનમાં લેવામાં આવશે નહિ અને ટાઈટલ સર્ટિફિકેટ આપી દેવામાં આવશે તેની નોંધ લેવી. અમદાવાદ, તારીખ:૦૯/૦૮/૨૦૨૬ આથી જાહેર જનતાને જણાવવામાં આવે છે કે અમદાવાદ જીલ્લાના તાલુકા સબ-ડિસ્ટ્રીક્ટના મોજે ગામની સીમમાં આવેલ જમીન તથા તેના ઉપરના બાંધકામ અંગે ટાઈટલ ક્લીયરન્સ સર્ટિફિકેટ મેળવવાનું હોય કોઈપણ વ્યક્તિનો હક્ક, હિત, ભાગ, દાવો કે લેણું હોય તો દિન-૭ માં લેખિત પુરાવા સાથે નીચેના સરનામે જાણ કરવી. સમય મર્યાદા બાદ કોઈની કોઈપણ વાંધા તકરાર ધ્યાનમાં લેવામાં આવશે નહિ અને ટાઈટલ સર્ટિફિકેટ આપી દેવામાં આવશે તેની નોંધ લેવી. અમદાવાદ, તારીખ:૦૯/૦૮/૨૦૨૬ આથી જાહેર જનતાને જણાવવામાં આવે છે કે અમદાવાદ જીલ્લાના તાલુકા સબ-ડિસ્ટ્રીક્ટના મોજે ગામની સીમમાં આવેલ જમીન તથા તેના ઉપરના બાંધકામ અંગે ટાઈટલ ક્લીયરન્સ સર્ટિફિકેટ મેળવવાનું હોય કોઈપણ વ્યક્તિનો હક્ક, હિત, ભાગ, દાવો કે લેણું હોય તો દિન-૭ માં લેખિત પુરાવા સાથે નીચેના સરનામે જાણ કરવી. સમય મર્યાદા બાદ કોઈની કોઈપણ વાંધા તકરાર ધ્યાનમાં લેવામાં આવશે નહિ અને ટાઈટલ સર્ટિફિકેટ આપી દેવામાં આવશે તેની નોંધ લેવી. અમદાવાદ, તારીખ:૦૯/૦૮/૨૦૨૬ આથી જાહેર જનતાને જણાવવામાં આવે છે કે અમદાવાદ જીલ્લાના તાલુકા સબ-ડિસ્ટ્રીક્ટના મોજે ગામની સીમમાં આવેલ જમીન તથા તેના ઉપરના બાંધકામ અંગે ટાઈટલ ક્લીયરન્સ સર્ટિફિકેટ મેળવવાનું હોય કોઈપણ વ્યક્તિનો હક્ક, હિત, ભાગ, દાવો કે લેણું હોય તો દિન-૭ માં લેખિત પુરાવા સાથે નીચેના સરનામે જાણ કરવી. સમય મર્યાદા બાદ કોઈની કોઈપણ વાંધા તકરાર ધ્યાનમાં લેવામાં આવશે નહિ અને ટાઈટલ સર્ટિફિકેટ આપી દેવામાં આવશે તેની નોંધ લેવી. અમદાવાદ, તારીખ:૦૯/૦૮/૨૦૨૬ આથી જાહેર જનતાને જણાવવામાં આવે છે કે અમદાવાદ જીલ્લાના તાલુકા સબ-ડિસ્ટ્રીક્ટના મોજે ગામની સીમમાં આવેલ જમીન તથા તેના ઉપરના બાંધકામ અંગે ટાઈટલ ક્લીયરન્સ સર્ટિફિકેટ મેળવવાનું હોય કોઈપણ વ્યક્તિનો હક્ક, હિત, ભાગ, દાવો કે લેણું હોય તો દિન-૭ માં લેખિત પુરાવા સાથે નીચેના સરનામે જાણ કરવી. સમય મર્યાદા બાદ કોઈની કોઈ…
મે. લાભશ્રી ગાંધી એન્ડ કું.
